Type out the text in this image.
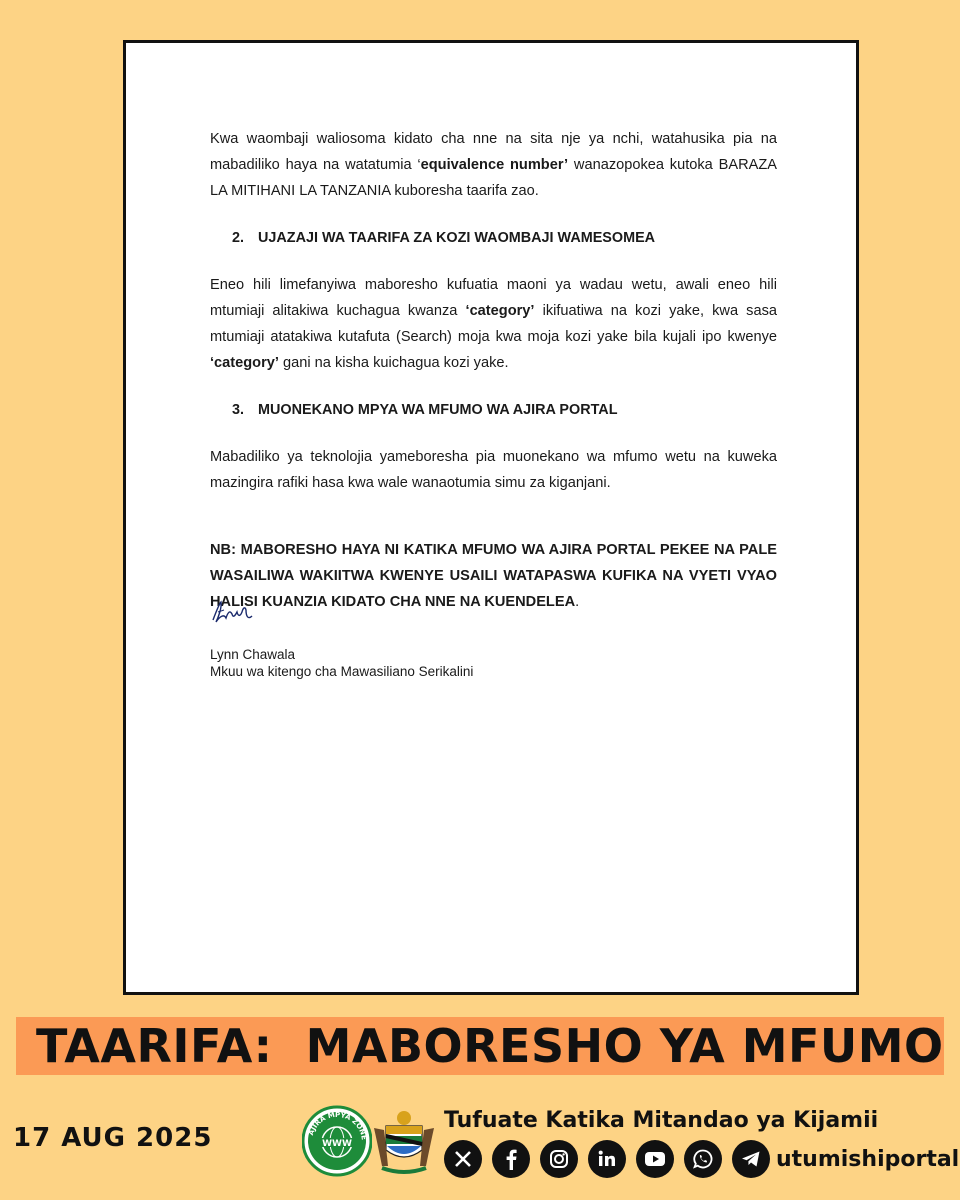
Kwa waombaji waliosoma kidato cha nne na sita nje ya nchi, watahusika pia na mabadiliko haya na watatumia ‘equivalence number’ wanazopokea kutoka BARAZA LA MITIHANI LA TANZANIA kuboresha taarifa zao.

2. UJAZAJI WA TAARIFA ZA KOZI WAOMBAJI WAMESOMEA

Eneo hili limefanyiwa maboresho kufuatia maoni ya wadau wetu, awali eneo hili mtumiaji alitakiwa kuchagua kwanza ‘category’ ikifuatiwa na kozi yake, kwa sasa mtumiaji atatakiwa kutafuta (Search) moja kwa moja kozi yake bila kujali ipo kwenye ‘category’ gani na kisha kuichagua kozi yake.

3. MUONEKANO MPYA WA MFUMO WA AJIRA PORTAL

Mabadiliko ya teknolojia yameboresha pia muonekano wa mfumo wetu na kuweka mazingira rafiki hasa kwa wale wanaotumia simu za kiganjani.

NB: MABORESHO HAYA NI KATIKA MFUMO WA AJIRA PORTAL PEKEE NA PALE WASAILIWA WAKIITWA KWENYE USAILI WATAPASWA KUFIKA NA VYETI VYAO HALISI KUANZIA KIDATO CHA NNE NA KUENDELEA.

Lynn Chawala
Mkuu wa kitengo cha Mawasiliano Serikalini
TAARIFA:  MABORESHO YA MFUMO
17 AUG 2025	AJIRA MPYA ZONE
WWW
Tufuate Katika Mitandao ya Kijamii
utumishiportal
